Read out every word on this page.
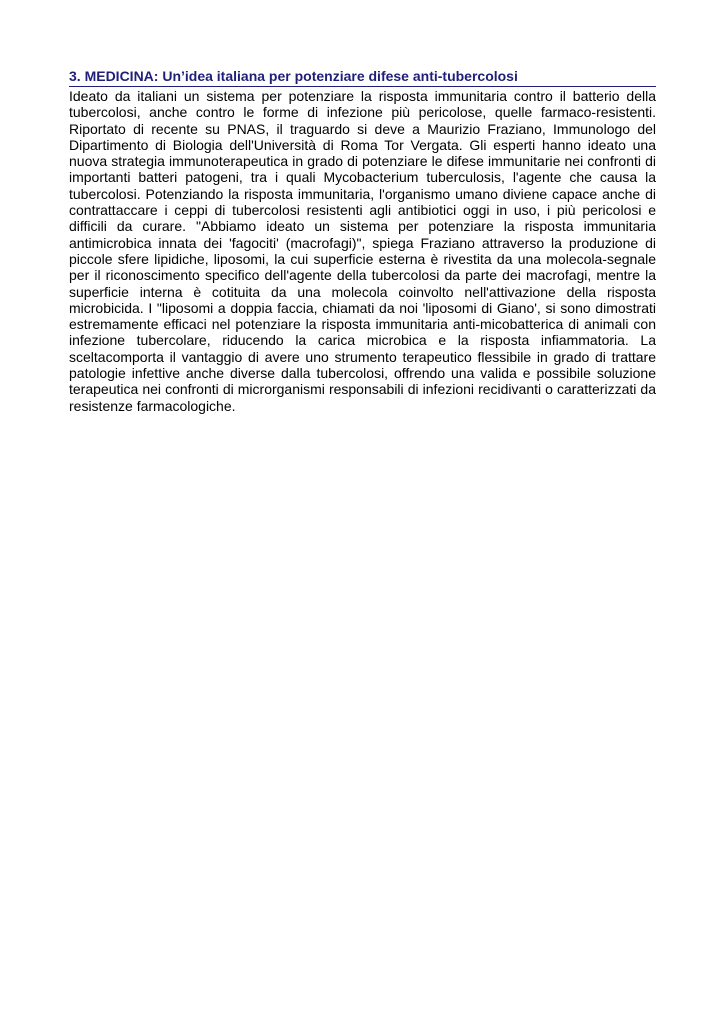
3. MEDICINA: Un’idea italiana per potenziare difese anti-tubercolosi

Ideato da italiani un sistema per potenziare la risposta immunitaria contro il batterio della tubercolosi, anche contro le forme di infezione più pericolose, quelle farmaco-resistenti. Riportato di recente su PNAS, il traguardo si deve a Maurizio Fraziano, Immunologo del Dipartimento di Biologia dell'Università di Roma Tor Vergata. Gli esperti hanno ideato una nuova strategia immunoterapeutica in grado di potenziare le difese immunitarie nei confronti di importanti batteri patogeni, tra i quali Mycobacterium tuberculosis, l'agente che causa la tubercolosi. Potenziando la risposta immunitaria, l'organismo umano diviene capace anche di contrattaccare i ceppi di tubercolosi resistenti agli antibiotici oggi in uso, i più pericolosi e difficili da curare. "Abbiamo ideato un sistema per potenziare la risposta immunitaria antimicrobica innata dei 'fagociti' (macrofagi)", spiega Fraziano attraverso la produzione di piccole sfere lipidiche, liposomi, la cui superficie esterna è rivestita da una molecola-segnale per il riconoscimento specifico dell'agente della tubercolosi da parte dei macrofagi, mentre la superficie interna è cotituita da una molecola coinvolto nell'attivazione della risposta microbicida. I "liposomi a doppia faccia, chiamati da noi 'liposomi di Giano', si sono dimostrati estremamente efficaci nel potenziare la risposta immunitaria anti-micobatterica di animali con infezione tubercolare, riducendo la carica microbica e la risposta infiammatoria. La sceltacomporta il vantaggio di avere uno strumento terapeutico flessibile in grado di trattare patologie infettive anche diverse dalla tubercolosi, offrendo una valida e possibile soluzione terapeutica nei confronti di microrganismi responsabili di infezioni recidivanti o caratterizzati da resistenze farmacologiche.
